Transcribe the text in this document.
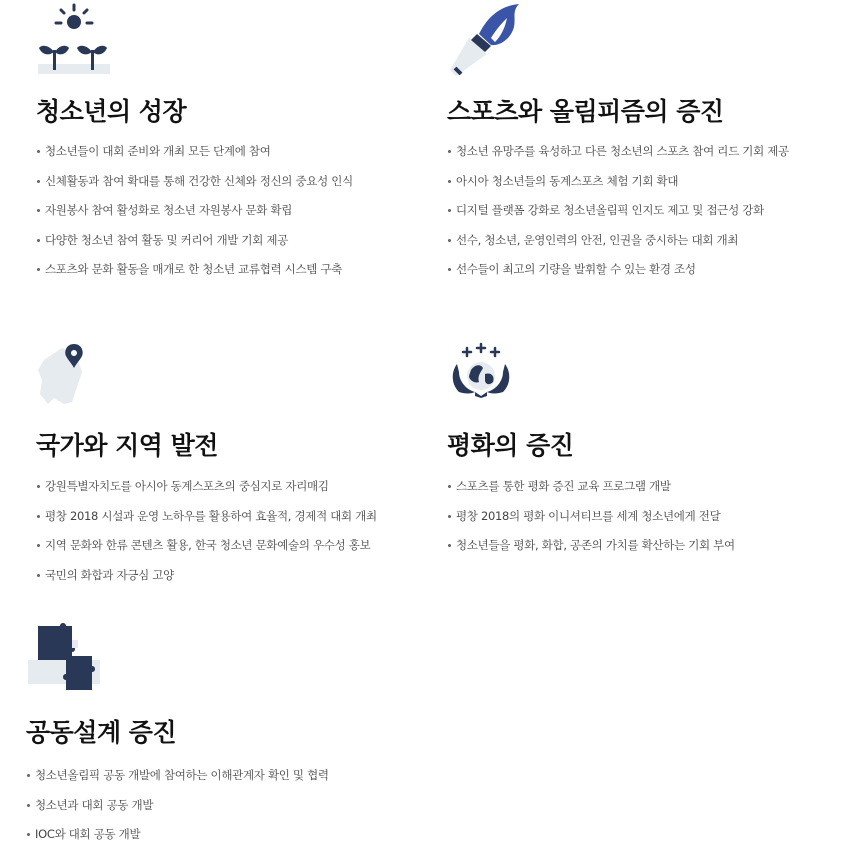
청소년의 성장
청소년들이 대회 준비와 개최 모든 단계에 참여
신체활동과 참여 확대를 통해 건강한 신체와 정신의 중요성 인식
자원봉사 참여 활성화로 청소년 자원봉사 문화 확립
다양한 청소년 참여 활동 및 커리어 개발 기회 제공
스포츠와 문화 활동을 매개로 한 청소년 교류협력 시스템 구축
스포츠와 올림피즘의 증진
청소년 유망주를 육성하고 다른 청소년의 스포츠 참여 리드 기회 제공
아시아 청소년들의 동계스포츠 체험 기회 확대
디지털 플랫폼 강화로 청소년올림픽 인지도 제고 및 접근성 강화
선수, 청소년, 운영인력의 안전, 인권을 중시하는 대회 개최
선수들이 최고의 기량을 발휘할 수 있는 환경 조성
국가와 지역 발전
강원특별자치도를 아시아 동계스포츠의 중심지로 자리매김
평창 2018 시설과 운영 노하우를 활용하여 효율적, 경제적 대회 개최
지역 문화와 한류 콘텐츠 활용, 한국 청소년 문화예술의 우수성 홍보
국민의 화합과 자긍심 고양
평화의 증진
스포츠를 통한 평화 증진 교육 프로그램 개발
평창 2018의 평화 이니셔티브를 세계 청소년에게 전달
청소년들을 평화, 화합, 공존의 가치를 확산하는 기회 부여
공동설계 증진
청소년올림픽 공동 개발에 참여하는 이해관계자 확인 및 협력
청소년과 대회 공동 개발
IOC와 대회 공동 개발
